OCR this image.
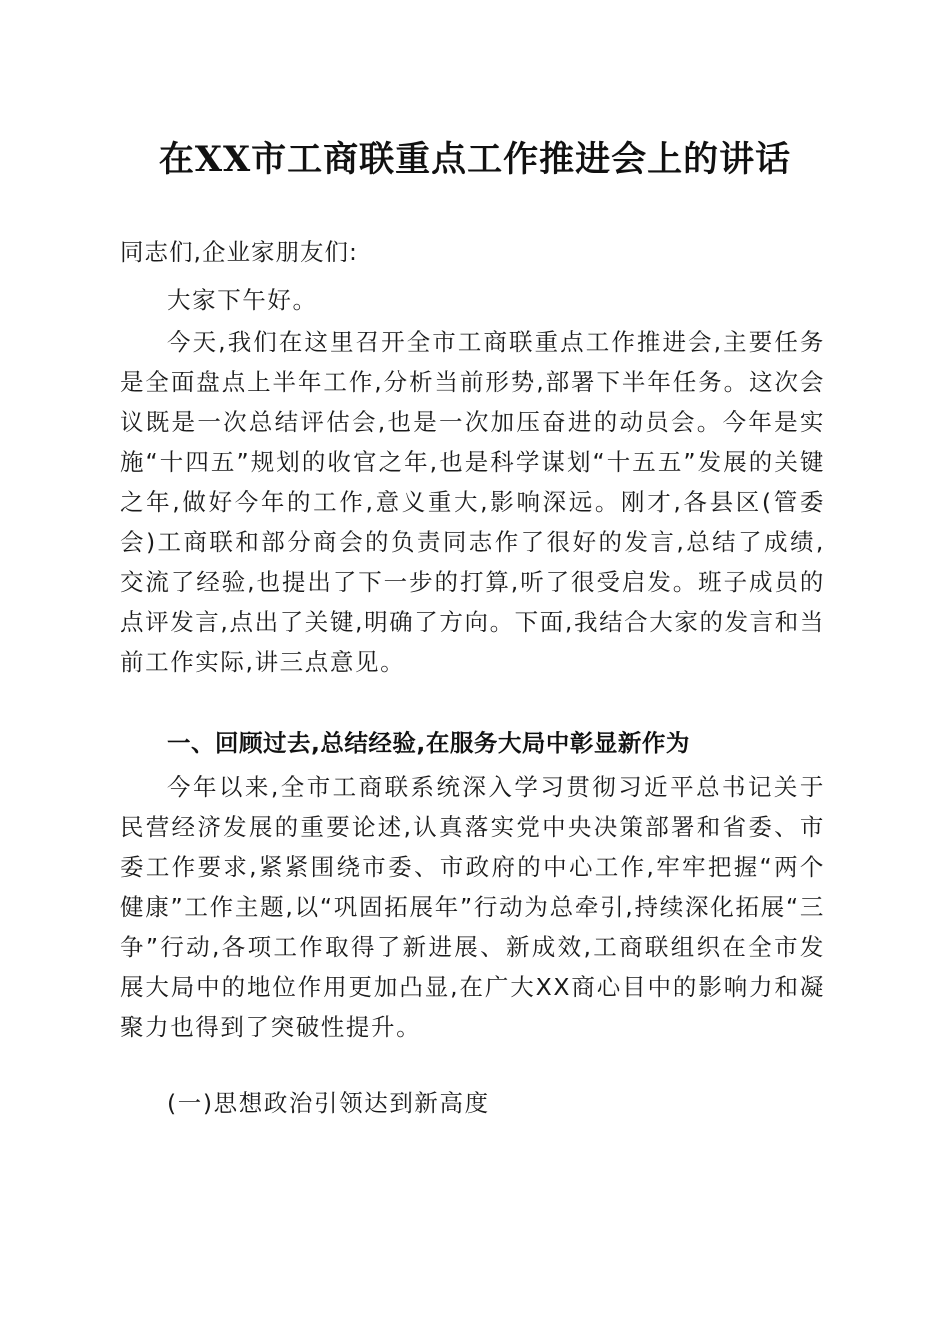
在XX市工商联重点工作推进会上的讲话
同志们,企业家朋友们:

大家下午好。

今天,我们在这里召开全市工商联重点工作推进会,主要任务是全面盘点上半年工作,分析当前形势,部署下半年任务。这次会议既是一次总结评估会,也是一次加压奋进的动员会。今年是实施“十四五”规划的收官之年,也是科学谋划“十五五”发展的关键之年,做好今年的工作,意义重大,影响深远。刚才,各县区(管委会)工商联和部分商会的负责同志作了很好的发言,总结了成绩,交流了经验,也提出了下一步的打算,听了很受启发。班子成员的点评发言,点出了关键,明确了方向。下面,我结合大家的发言和当前工作实际,讲三点意见。

一、回顾过去,总结经验,在服务大局中彰显新作为

今年以来,全市工商联系统深入学习贯彻习近平总书记关于民营经济发展的重要论述,认真落实党中央决策部署和省委、市委工作要求,紧紧围绕市委、市政府的中心工作,牢牢把握“两个健康”工作主题,以“巩固拓展年”行动为总牵引,持续深化拓展“三争”行动,各项工作取得了新进展、新成效,工商联组织在全市发展大局中的地位作用更加凸显,在广大XX商心目中的影响力和凝聚力也得到了突破性提升。

(一)思想政治引领达到新高度
